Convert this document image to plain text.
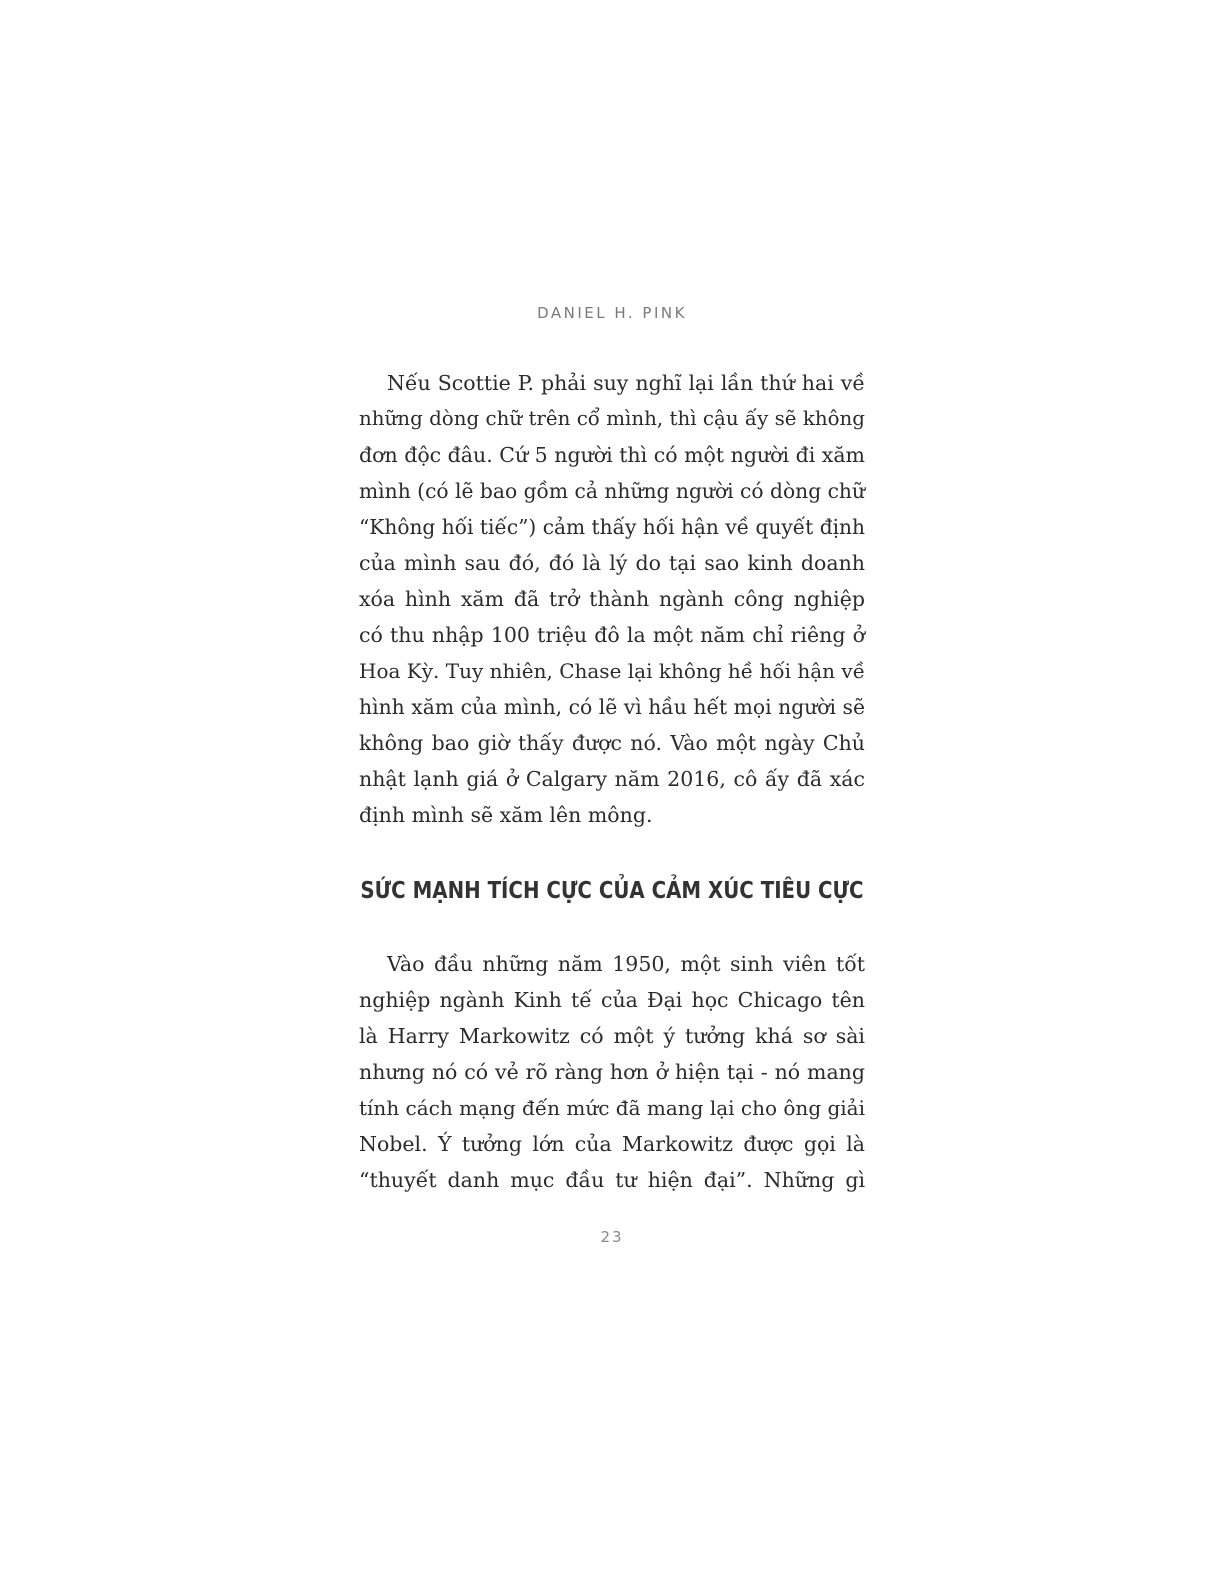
DANIEL H. PINK
Nếu Scottie P. phải suy nghĩ lại lần thứ hai về
những dòng chữ trên cổ mình, thì cậu ấy sẽ không
đơn độc đâu. Cứ 5 người thì có một người đi xăm
mình (có lẽ bao gồm cả những người có dòng chữ
“Không hối tiếc”) cảm thấy hối hận về quyết định
của mình sau đó, đó là lý do tại sao kinh doanh
xóa hình xăm đã trở thành ngành công nghiệp
có thu nhập 100 triệu đô la một năm chỉ riêng ở
Hoa Kỳ. Tuy nhiên, Chase lại không hề hối hận về
hình xăm của mình, có lẽ vì hầu hết mọi người sẽ
không bao giờ thấy được nó. Vào một ngày Chủ
nhật lạnh giá ở Calgary năm 2016, cô ấy đã xác
định mình sẽ xăm lên mông.
SỨC MẠNH TÍCH CỰC CỦA CẢM XÚC TIÊU CỰC
Vào đầu những năm 1950, một sinh viên tốt
nghiệp ngành Kinh tế của Đại học Chicago tên
là Harry Markowitz có một ý tưởng khá sơ sài
nhưng nó có vẻ rõ ràng hơn ở hiện tại - nó mang
tính cách mạng đến mức đã mang lại cho ông giải
Nobel. Ý tưởng lớn của Markowitz được gọi là
“thuyết danh mục đầu tư hiện đại”. Những gì
23
